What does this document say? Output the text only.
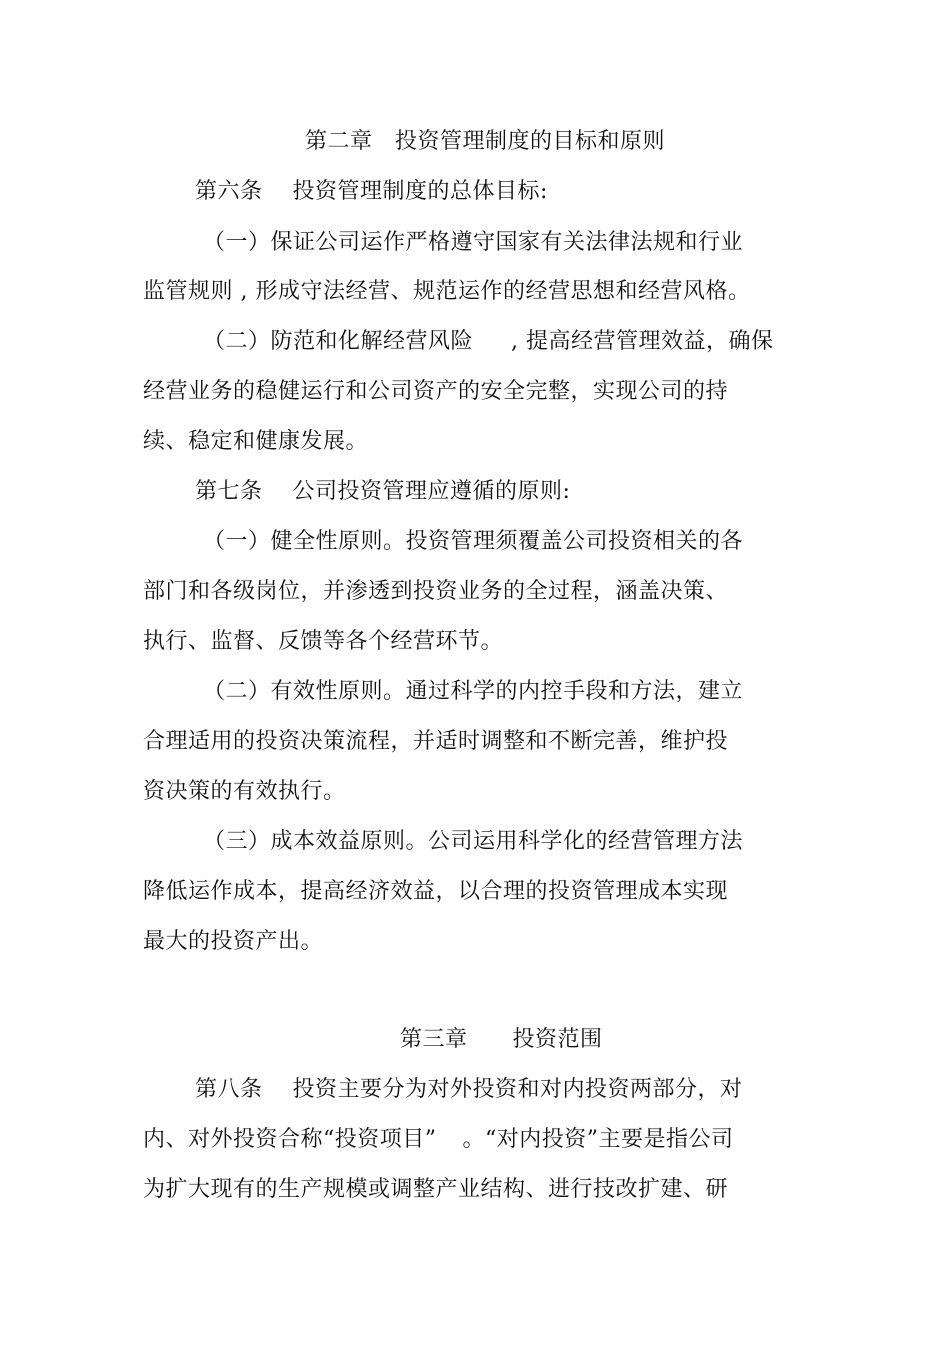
第二章   投资管理制度的目标和原则
第六条    投资管理制度的总体目标:
（一）保证公司运作严格遵守国家有关法律法规和行业
监管规则 , 形成守法经营、规范运作的经营思想和经营风格。
（二）防范和化解经营风险 , 提高经营管理效益，确保
经营业务的稳健运行和公司资产的安全完整，实现公司的持
续、稳定和健康发展。
第七条    公司投资管理应遵循的原则:
（一）健全性原则。投资管理须覆盖公司投资相关的各
部门和各级岗位，并渗透到投资业务的全过程，涵盖决策、
执行、监督、反馈等各个经营环节。
（二）有效性原则。通过科学的内控手段和方法，建立
合理适用的投资决策流程，并适时调整和不断完善，维护投
资决策的有效执行。
（三）成本效益原则。公司运用科学化的经营管理方法
降低运作成本，提高经济效益，以合理的投资管理成本实现
最大的投资产出。
第三章      投资范围
第八条    投资主要分为对外投资和对内投资两部分，对
内、对外投资合称“投资项目” 。“对内投资”主要是指公司
为扩大现有的生产规模或调整产业结构、进行技改扩建、研
